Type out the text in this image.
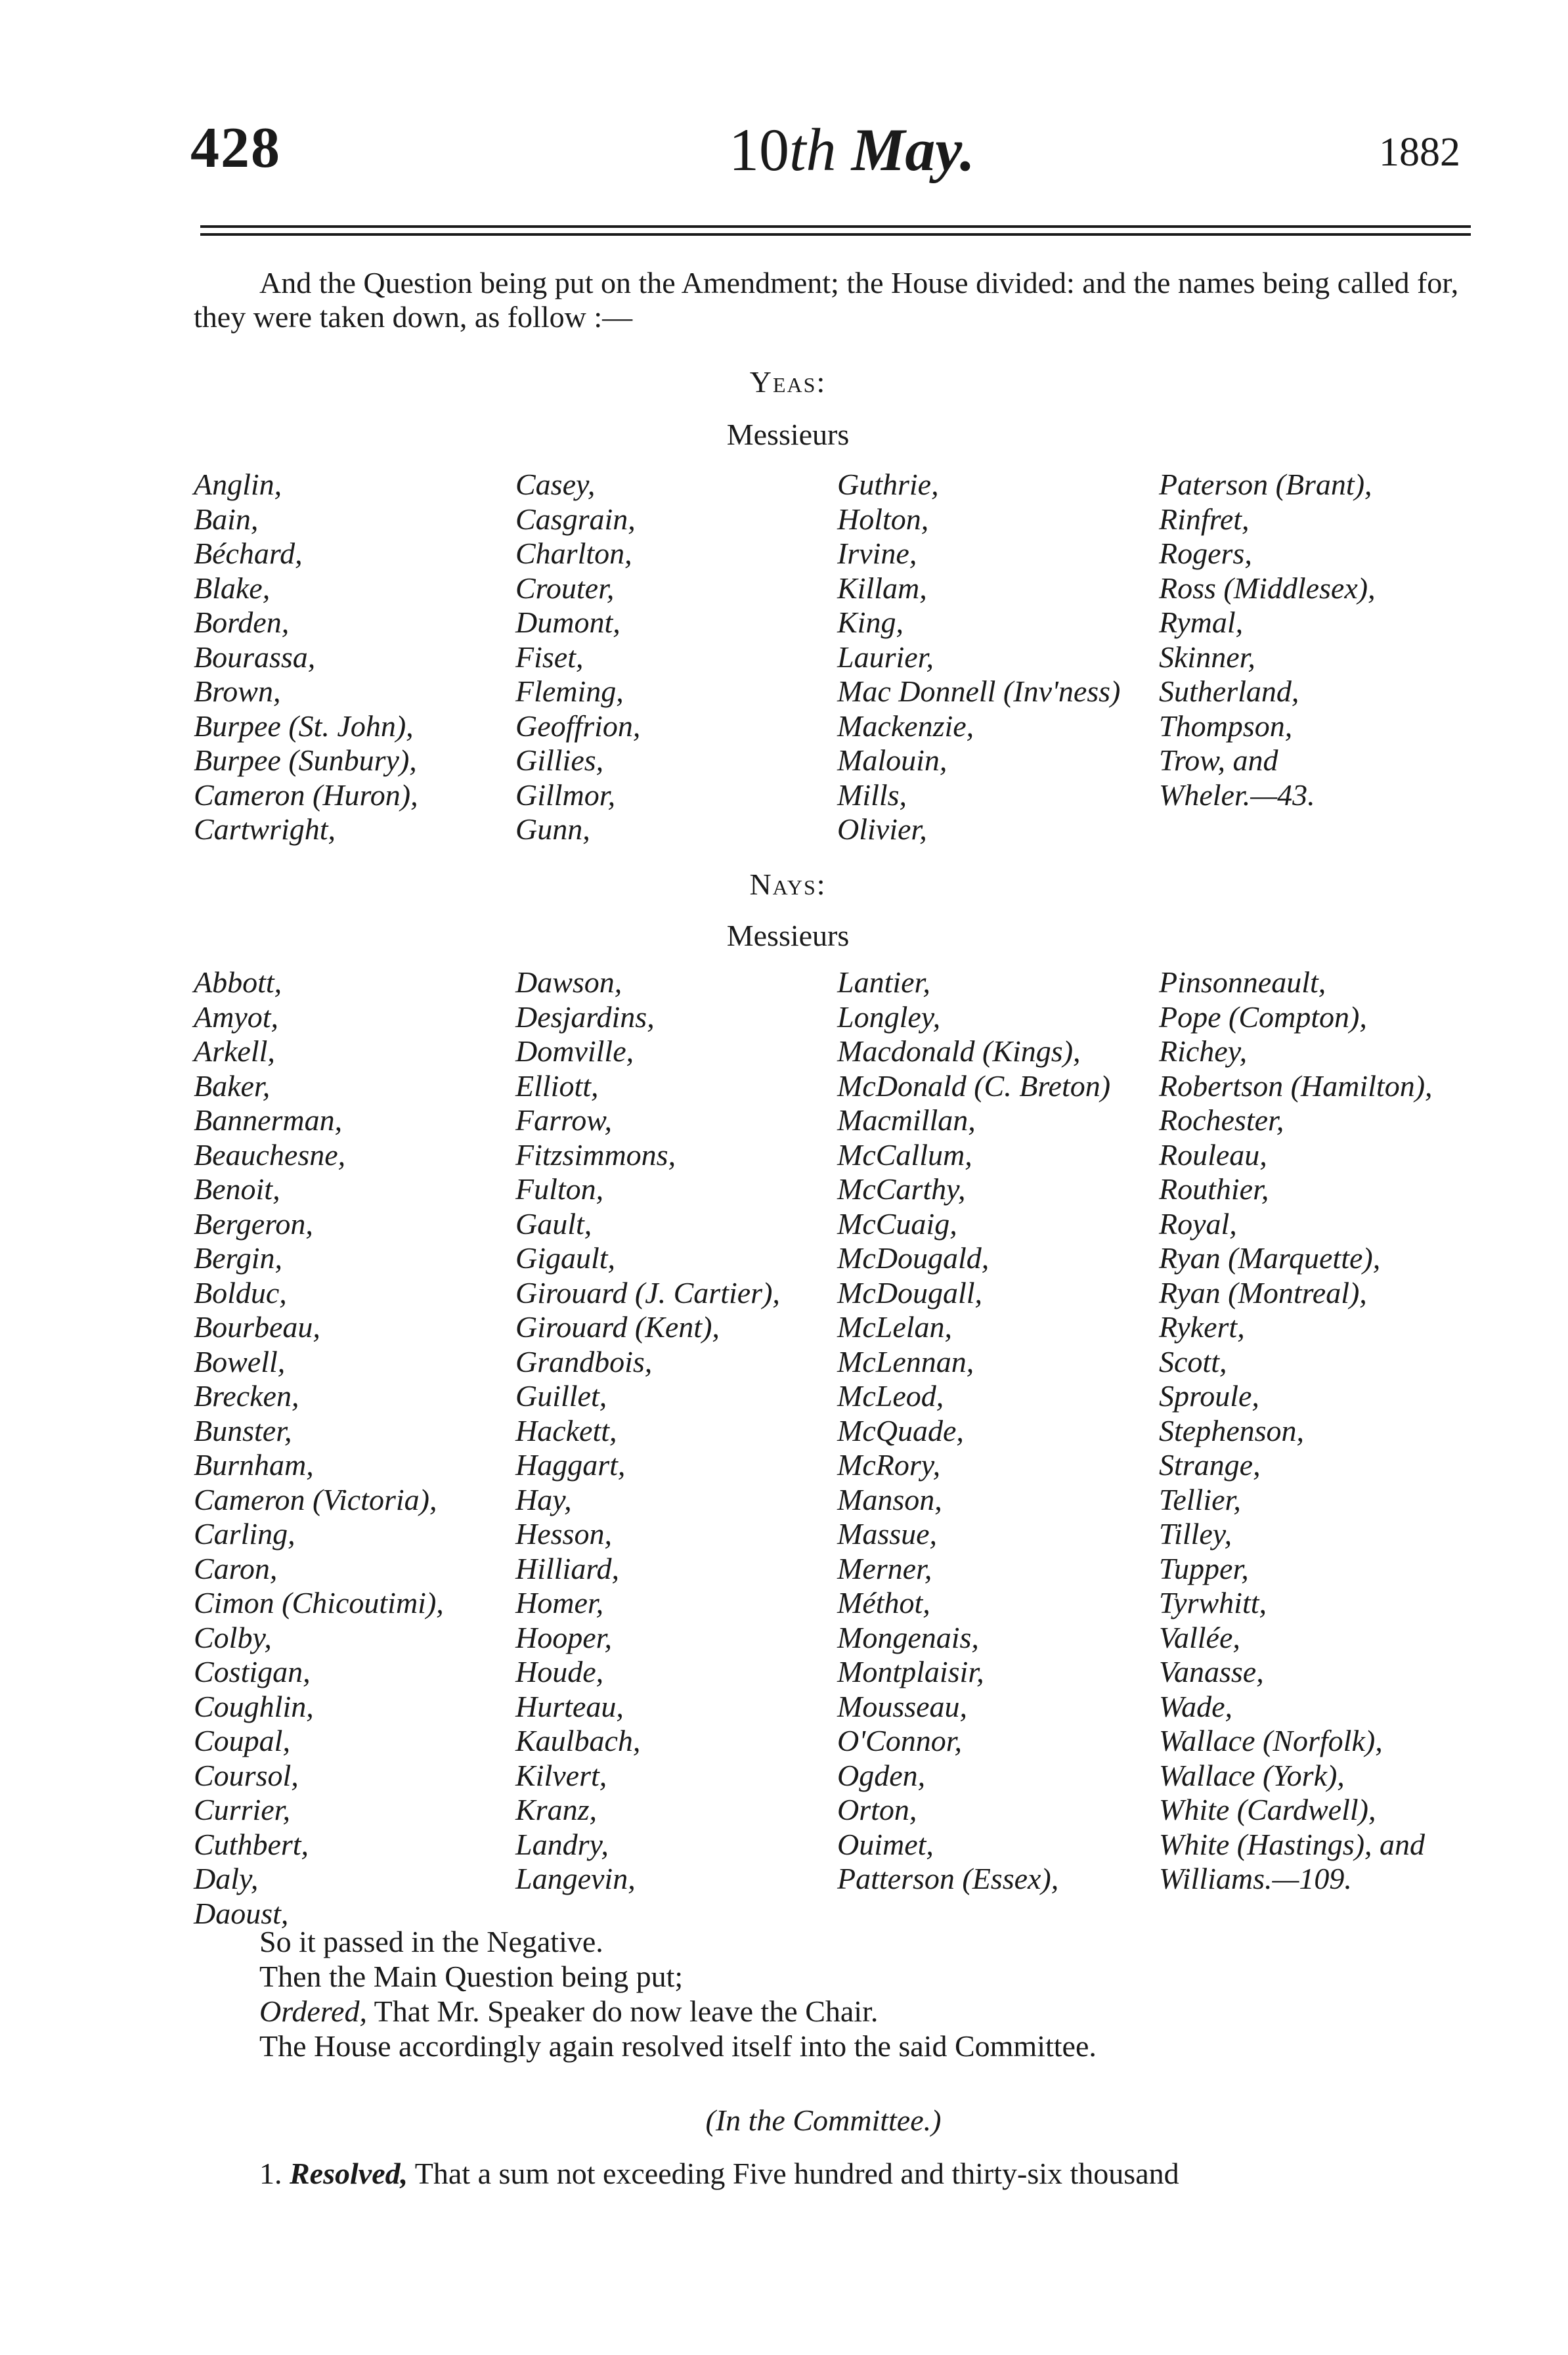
428	10th May.	1882
And the Question being put on the Amendment; the House divided: and the names being called for, they were taken down, as follow :—
Yeas:
Messieurs
Anglin,
Bain,
Béchard,
Blake,
Borden,
Bourassa,
Brown,
Burpee (St. John),
Burpee (Sunbury),
Cameron (Huron),
Cartwright,
Casey,
Casgrain,
Charlton,
Crouter,
Dumont,
Fiset,
Fleming,
Geoffrion,
Gillies,
Gillmor,
Gunn,
Guthrie,
Holton,
Irvine,
Killam,
King,
Laurier,
Mac Donnell (Inv'ness)
Mackenzie,
Malouin,
Mills,
Olivier,
Paterson (Brant),
Rinfret,
Rogers,
Ross (Middlesex),
Rymal,
Skinner,
Sutherland,
Thompson,
Trow, and
Wheler.—43.
Nays:
Messieurs
Abbott,
Amyot,
Arkell,
Baker,
Bannerman,
Beauchesne,
Benoit,
Bergeron,
Bergin,
Bolduc,
Bourbeau,
Bowell,
Brecken,
Bunster,
Burnham,
Cameron (Victoria),
Carling,
Caron,
Cimon (Chicoutimi),
Colby,
Costigan,
Coughlin,
Coupal,
Coursol,
Currier,
Cuthbert,
Daly,
Daoust,
Dawson,
Desjardins,
Domville,
Elliott,
Farrow,
Fitzsimmons,
Fulton,
Gault,
Gigault,
Girouard (J. Cartier),
Girouard (Kent),
Grandbois,
Guillet,
Hackett,
Haggart,
Hay,
Hesson,
Hilliard,
Homer,
Hooper,
Houde,
Hurteau,
Kaulbach,
Kilvert,
Kranz,
Landry,
Langevin,
Lantier,
Longley,
Macdonald (Kings),
McDonald (C. Breton)
Macmillan,
McCallum,
McCarthy,
McCuaig,
McDougald,
McDougall,
McLelan,
McLennan,
McLeod,
McQuade,
McRory,
Manson,
Massue,
Merner,
Méthot,
Mongenais,
Montplaisir,
Mousseau,
O'Connor,
Ogden,
Orton,
Ouimet,
Patterson (Essex),
Pinsonneault,
Pope (Compton),
Richey,
Robertson (Hamilton),
Rochester,
Rouleau,
Routhier,
Royal,
Ryan (Marquette),
Ryan (Montreal),
Rykert,
Scott,
Sproule,
Stephenson,
Strange,
Tellier,
Tilley,
Tupper,
Tyrwhitt,
Vallée,
Vanasse,
Wade,
Wallace (Norfolk),
Wallace (York),
White (Cardwell),
White (Hastings), and
Williams.—109.
So it passed in the Negative.
Then the Main Question being put;
Ordered, That Mr. Speaker do now leave the Chair.
The House accordingly again resolved itself into the said Committee.
(In the Committee.)
1. Resolved, That a sum not exceeding Five hundred and thirty-six thousand
